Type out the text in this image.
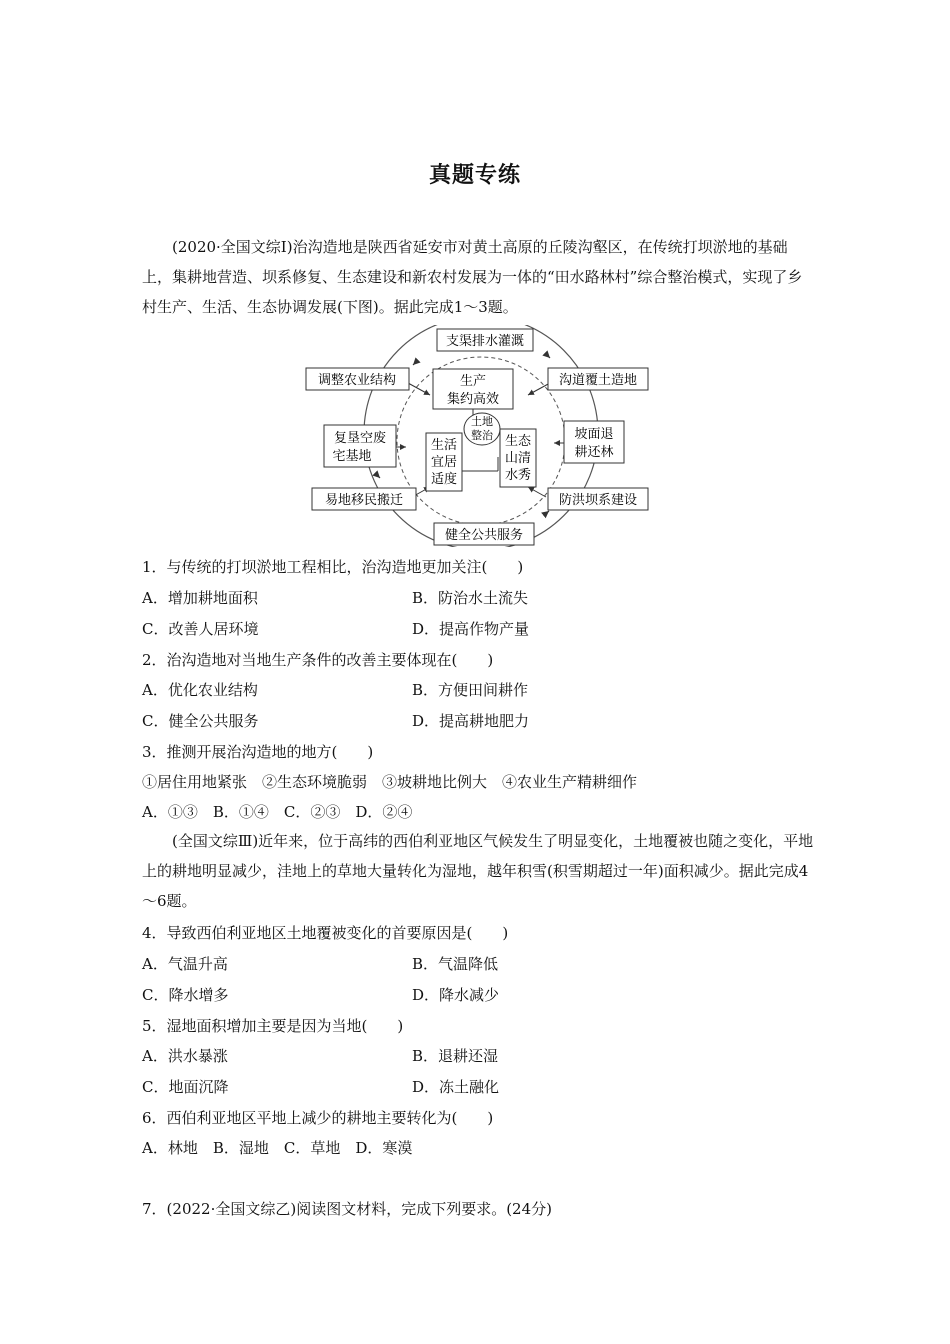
真题专练
(2020·全国文综Ⅰ)治沟造地是陕西省延安市对黄土高原的丘陵沟壑区，在传统打坝淤地的基础上，集耕地营造、坝系修复、生态建设和新农村发展为一体的“田水路林村”综合整治模式，实现了乡村生产、生活、生态协调发展(下图)。据此完成1～3题。
支渠排水灌溉
调整农业结构	沟道覆土造地
复垦空废
宅基地
坡面退
耕还林
易地移民搬迁	防洪坝系建设
健全公共服务
生产
集约高效
土地
整治
生活
宜居
适度
生态
山清
水秀
1．与传统的打坝淤地工程相比，治沟造地更加关注(　　)
A．增加耕地面积	B．防治水土流失
C．改善人居环境	D．提高作物产量
2．治沟造地对当地生产条件的改善主要体现在(　　)
A．优化农业结构	B．方便田间耕作
C．健全公共服务	D．提高耕地肥力
3．推测开展治沟造地的地方(　　)
①居住用地紧张　②生态环境脆弱　③坡耕地比例大　④农业生产精耕细作
A．①③　B．①④　C．②③　D．②④
(全国文综Ⅲ)近年来，位于高纬的西伯利亚地区气候发生了明显变化，土地覆被也随之变化，平地上的耕地明显减少，洼地上的草地大量转化为湿地，越年积雪(积雪期超过一年)面积减少。据此完成4～6题。
4．导致西伯利亚地区土地覆被变化的首要原因是(　　)
A．气温升高	B．气温降低
C．降水增多	D．降水减少
5．湿地面积增加主要是因为当地(　　)
A．洪水暴涨	B．退耕还湿
C．地面沉降	D．冻土融化
6．西伯利亚地区平地上减少的耕地主要转化为(　　)
A．林地　B．湿地　C．草地　D．寒漠
7．(2022·全国文综乙)阅读图文材料，完成下列要求。(24分)
